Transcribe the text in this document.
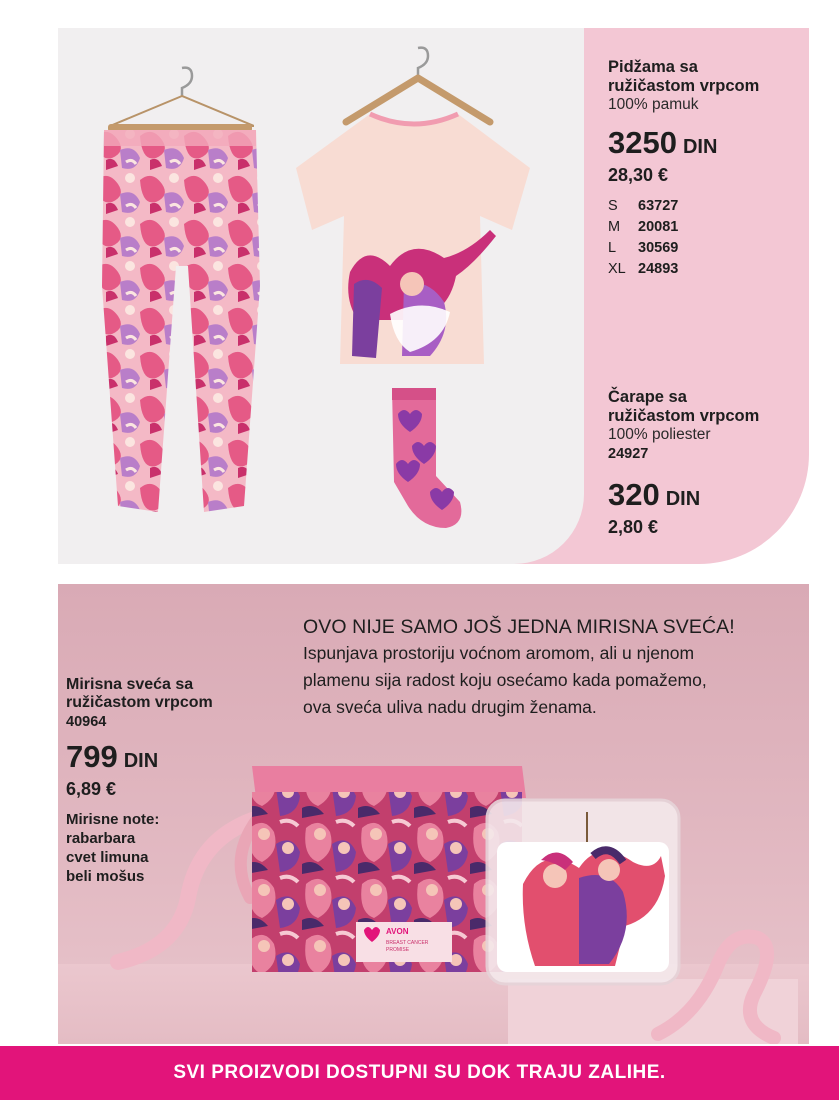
Pidžama sa
ružičastom vrpcom
100% pamuk
3250 DIN
28,30 €
S	63727
M	20081
L	30569
XL 24893
Čarape sa
ružičastom vrpcom
100% poliester
24927
320 DIN
2,80 €
OVO NIJE SAMO JOŠ JEDNA MIRISNA SVEĆA!
Ispunjava prostoriju voćnom aromom, ali u njenom
plamenu sija radost koju osećamo kada pomažemo,
ova sveća uliva nadu drugim ženama.
Mirisna sveća sa
ružičastom vrpcom
40964
799 DIN
6,89 €
Mirisne note:
rabarbara
cvet limuna
beli mošus
AVON
BREAST CANCER
PROMISE
SVI PROIZVODI DOSTUPNI SU DOK TRAJU ZALIHE.
